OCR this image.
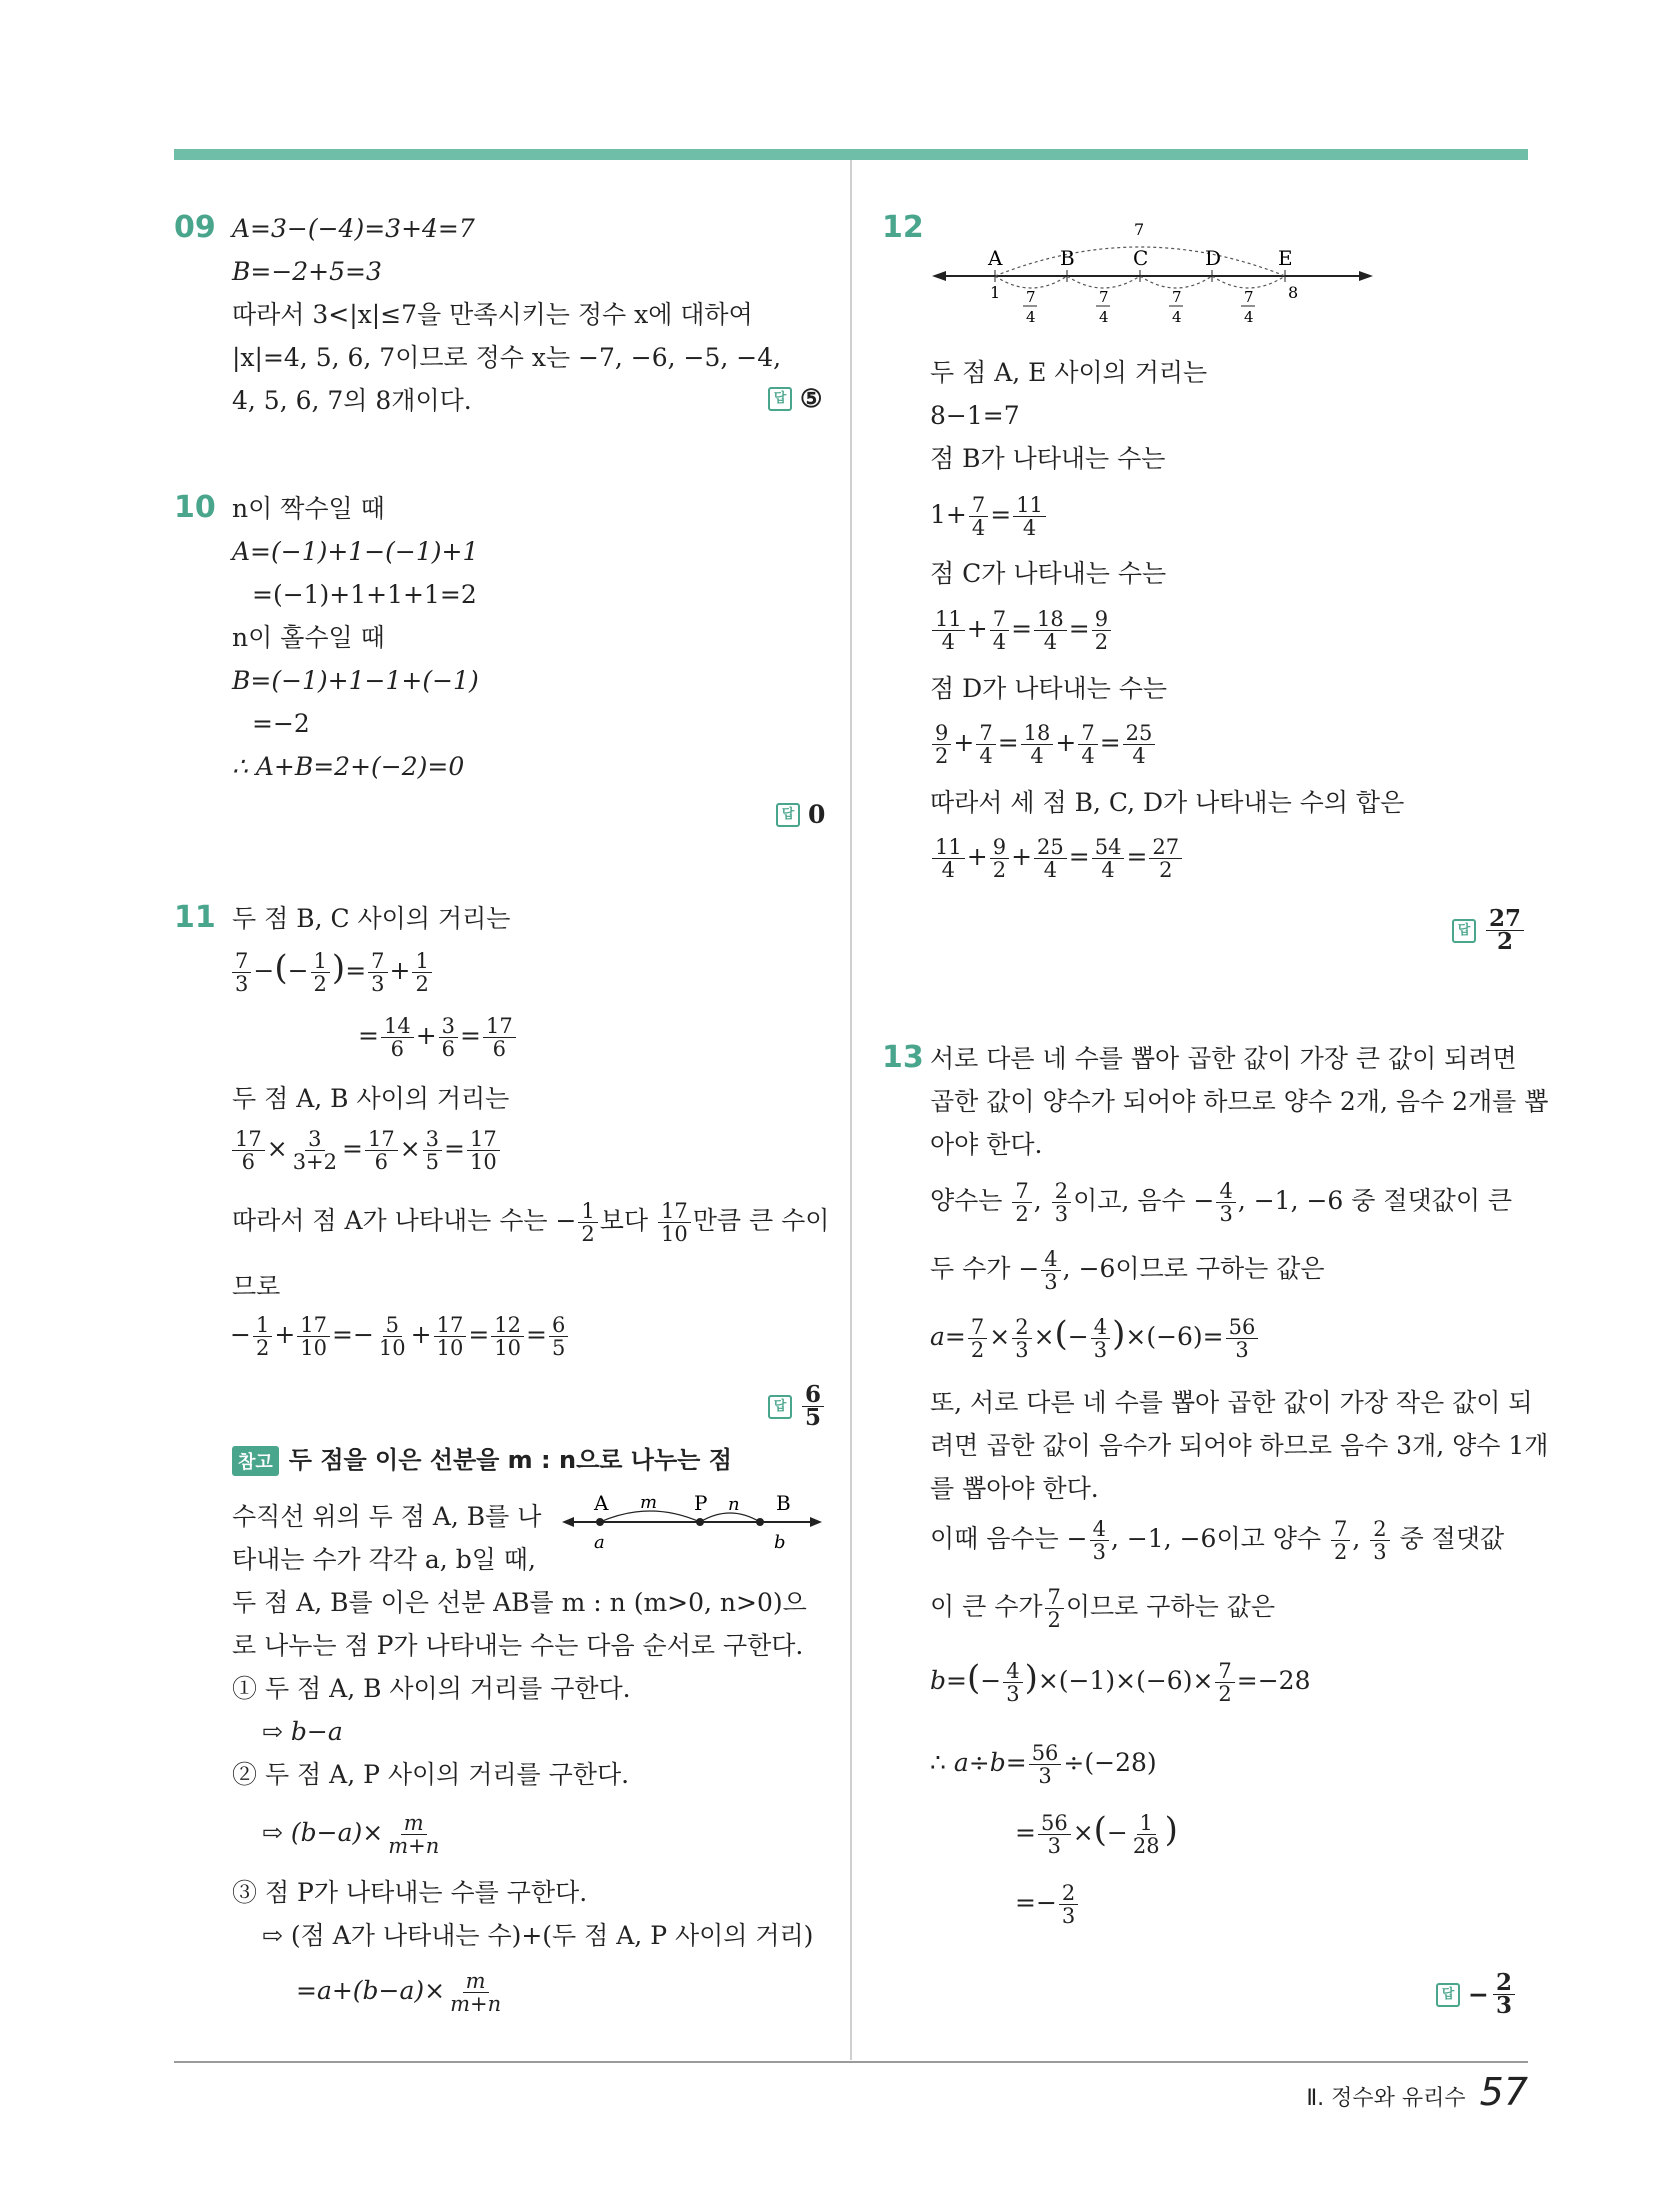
09 A=3−(−4)=3+4=7
B=−2+5=3
따라서 3<|x|≤7을 만족시키는 정수 x에 대하여
|x|=4, 5, 6, 7이므로 정수 x는 −7, −6, −5, −4,
4, 5, 6, 7의 8개이다.	답 ⑤
10 n이 짝수일 때
A=(−1)+1−(−1)+1
=(−1)+1+1+1=2
n이 홀수일 때
B=(−1)+1−1+(−1)
=−2
∴ A+B=2+(−2)=0
답 0
11 두 점 B, C 사이의 거리는
$\frac{7}{3}$ −(− $\frac{1}{2}$ )= $\frac{7}{3} + \frac{1}{2}$
= $\frac{14}{6} + \frac{3}{6} = \frac{17}{6}$
두 점 A, B 사이의 거리는
$\frac{17}{6} \times \frac{3}{3+2} = \frac{17}{6} \times \frac{3}{5} = \frac{17}{10}$
따라서 점 A가 나타내는 수는 − $\frac{1}{2}$ 보다 $\frac{17}{10}$ 만큼 큰 수이
므로
− $\frac{1}{2} + \frac{17}{10} =- \frac{5}{10} + \frac{17}{10} = \frac{12}{10} = \frac{6}{5}$
답 $\frac{6}{5}$
참고 두 점을 이은 선분을 m : n으로 나누는 점
수직선 위의 두 점 A, B를 나
타내는 수가 각각 a, b일 때,
A	P	B
m	n
a	b
두 점 A, B를 이은 선분 AB를 m : n (m>0, n>0)으
로 나누는 점 P가 나타내는 수는 다음 순서로 구한다.
① 두 점 A, B 사이의 거리를 구한다.
⇨ b−a
② 두 점 A, P 사이의 거리를 구한다.
⇨ $(b-a)\times \frac{m}{m+n}$
③ 점 P가 나타내는 수를 구한다.
⇨ (점 A가 나타내는 수)+(두 점 A, P 사이의 거리)
$=a+(b-a)\times \frac{m}{m+n}$
12
A	B	C	D	E
7
1	8
7
4
7
4
7
4
7
4
두 점 A, E 사이의 거리는
8−1=7
점 B가 나타내는 수는
$1+ \frac{7}{4} = \frac{11}{4}$
점 C가 나타내는 수는
$\frac{11}{4} + \frac{7}{4} = \frac{18}{4} = \frac{9}{2}$
점 D가 나타내는 수는
$\frac{9}{2} + \frac{7}{4} = \frac{18}{4} + \frac{7}{4} = \frac{25}{4}$
따라서 세 점 B, C, D가 나타내는 수의 합은
$\frac{11}{4} + \frac{9}{2} + \frac{25}{4} = \frac{54}{4} = \frac{27}{2}$
답 $\frac{27}{2}$
13 서로 다른 네 수를 뽑아 곱한 값이 가장 큰 값이 되려면
곱한 값이 양수가 되어야 하므로 양수 2개, 음수 2개를 뽑
아야 한다.
양수는 $\frac{7}{2}$ , $\frac{2}{3}$ 이고, 음수 − $\frac{4}{3}$ , −1, −6 중 절댓값이 큰
두 수가 − $\frac{4}{3}$ , −6이므로 구하는 값은
$a= \frac{7}{2} \times \frac{2}{3}$ ×(− $\frac{4}{3} )\times(-6)= \frac{56}{3}$
또, 서로 다른 네 수를 뽑아 곱한 값이 가장 작은 값이 되
려면 곱한 값이 음수가 되어야 하므로 음수 3개, 양수 1개
를 뽑아야 한다.
이때 음수는 − $\frac{4}{3}$ , −1, −6이고 양수 $\frac{7}{2}$ , $\frac{2}{3}$ 중 절댓값
이 큰 수가 $\frac{7}{2}$ 이므로 구하는 값은
$b=(- \frac{4}{3} )\times(-1)\times(-6)\times \frac{7}{2} =-28$
∴ $a\div b= \frac{56}{3} \div(-28)$
= $\frac{56}{3}$ ×(− $\frac{1}{28}$ )
=− $\frac{2}{3}$
답 − $\frac{2}{3}$
Ⅱ. 정수와 유리수 57
